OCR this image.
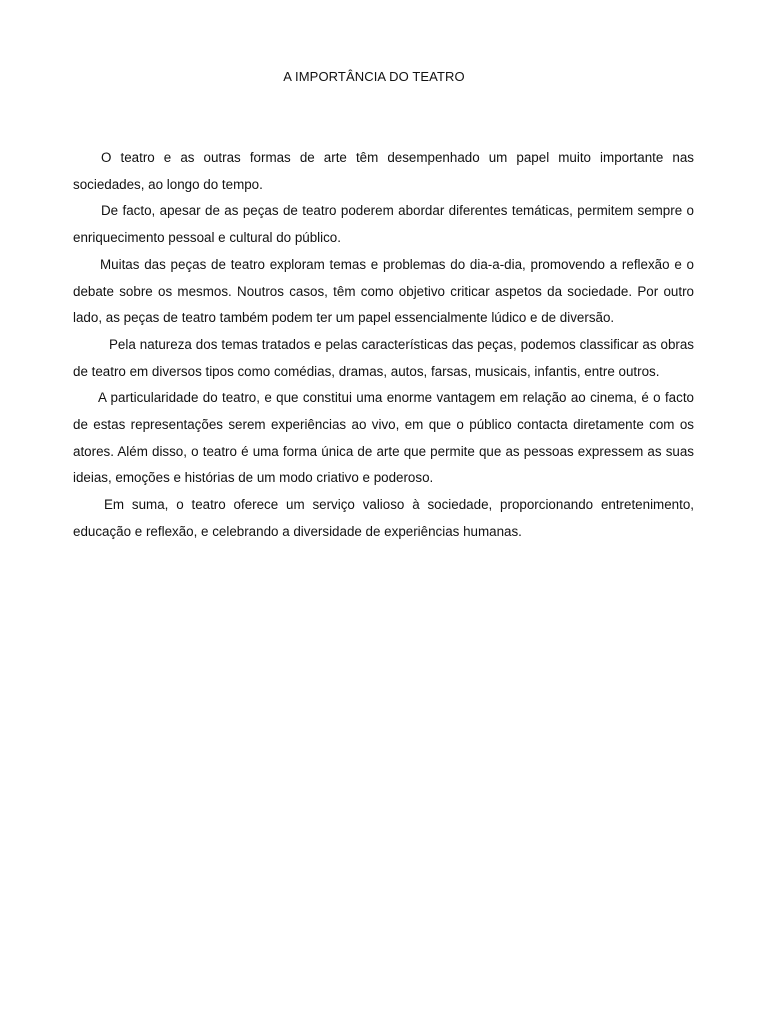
A IMPORTÂNCIA DO TEATRO

O teatro e as outras formas de arte têm desempenhado um papel muito importante nas sociedades, ao longo do tempo.

De facto, apesar de as peças de teatro poderem abordar diferentes temáticas, permitem sempre o enriquecimento pessoal e cultural do público.

Muitas das peças de teatro exploram temas e problemas do dia-a-dia, promovendo a reflexão e o debate sobre os mesmos. Noutros casos, têm como objetivo criticar aspetos da sociedade. Por outro lado, as peças de teatro também podem ter um papel essencialmente lúdico e de diversão.

Pela natureza dos temas tratados e pelas características das peças, podemos classificar as obras de teatro em diversos tipos como comédias, dramas, autos, farsas, musicais, infantis, entre outros.

A particularidade do teatro, e que constitui uma enorme vantagem em relação ao cinema, é o facto de estas representações serem experiências ao vivo, em que o público contacta diretamente com os atores. Além disso, o teatro é uma forma única de arte que permite que as pessoas expressem as suas ideias, emoções e histórias de um modo criativo e poderoso.

Em suma, o teatro oferece um serviço valioso à sociedade, proporcionando entretenimento, educação e reflexão, e celebrando a diversidade de experiências humanas.
